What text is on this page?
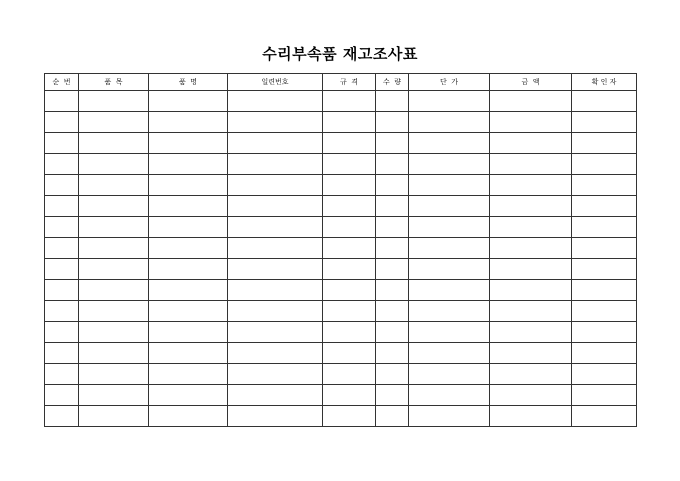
수리부속품 재고조사표
순  번	품  목	품  명	일련번호	규  격	수  량	단  가	금  액	확 인 자
